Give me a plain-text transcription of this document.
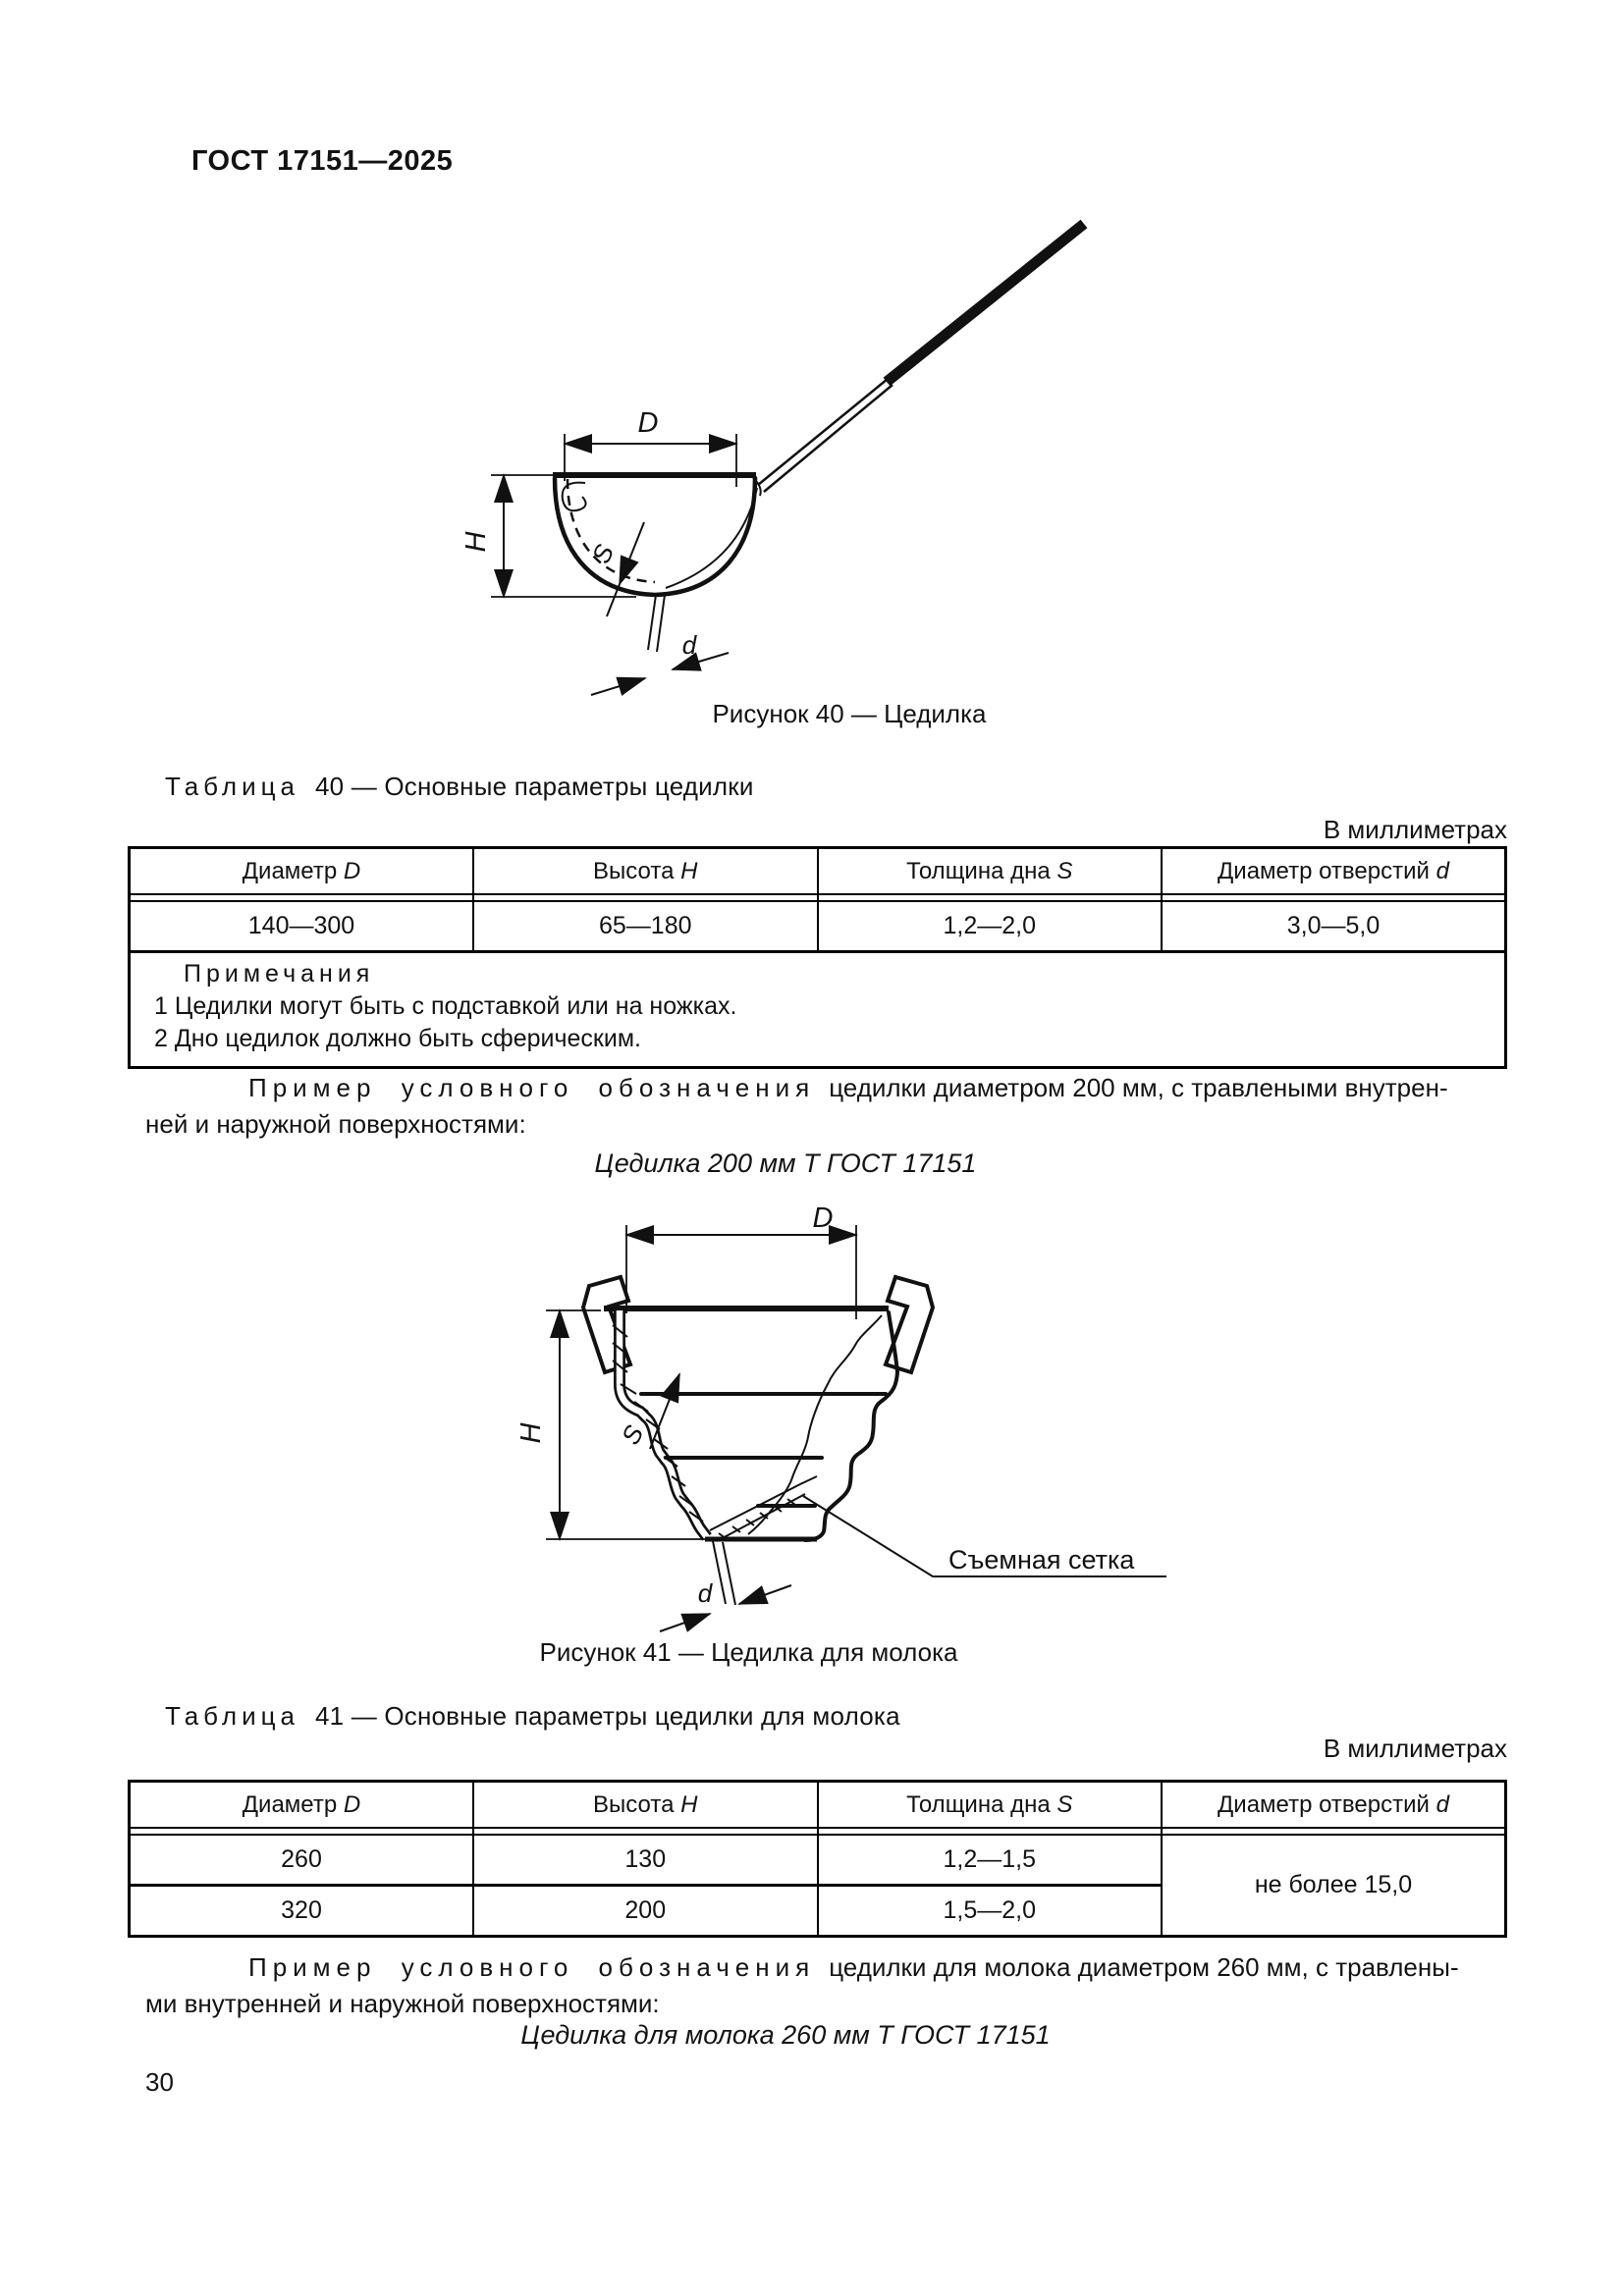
ГОСТ 17151—2025
D
H	S
d
Рисунок 40 — Цедилка
Таблица 40 — Основные параметры цедилки
В миллиметрах
Диаметр D	Высота H	Толщина дна S	Диаметр отверстий d

140—300	65—180	1,2—2,0	3,0—5,0

Примечания
1 Цедилки могут быть с подставкой или на ножках.
2 Дно цедилок должно быть сферическим.			
Пример условного обозначения цедилки диаметром 200 мм, с травлеными внутрен-
ней и наружной поверхностями:
Цедилка 200 мм Т ГОСТ 17151
D
Съемная сетка
H	S
d
Рисунок 41 — Цедилка для молока
Таблица 41 — Основные параметры цедилки для молока
В миллиметрах
Диаметр D	Высота H	Толщина дна S	Диаметр отверстий d

260	130	1,2—1,5	не более 15,0
320	200	1,5—2,0	
Пример условного обозначения цедилки для молока диаметром 260 мм, с травлены-
ми внутренней и наружной поверхностями:
Цедилка для молока 260 мм Т ГОСТ 17151
30
